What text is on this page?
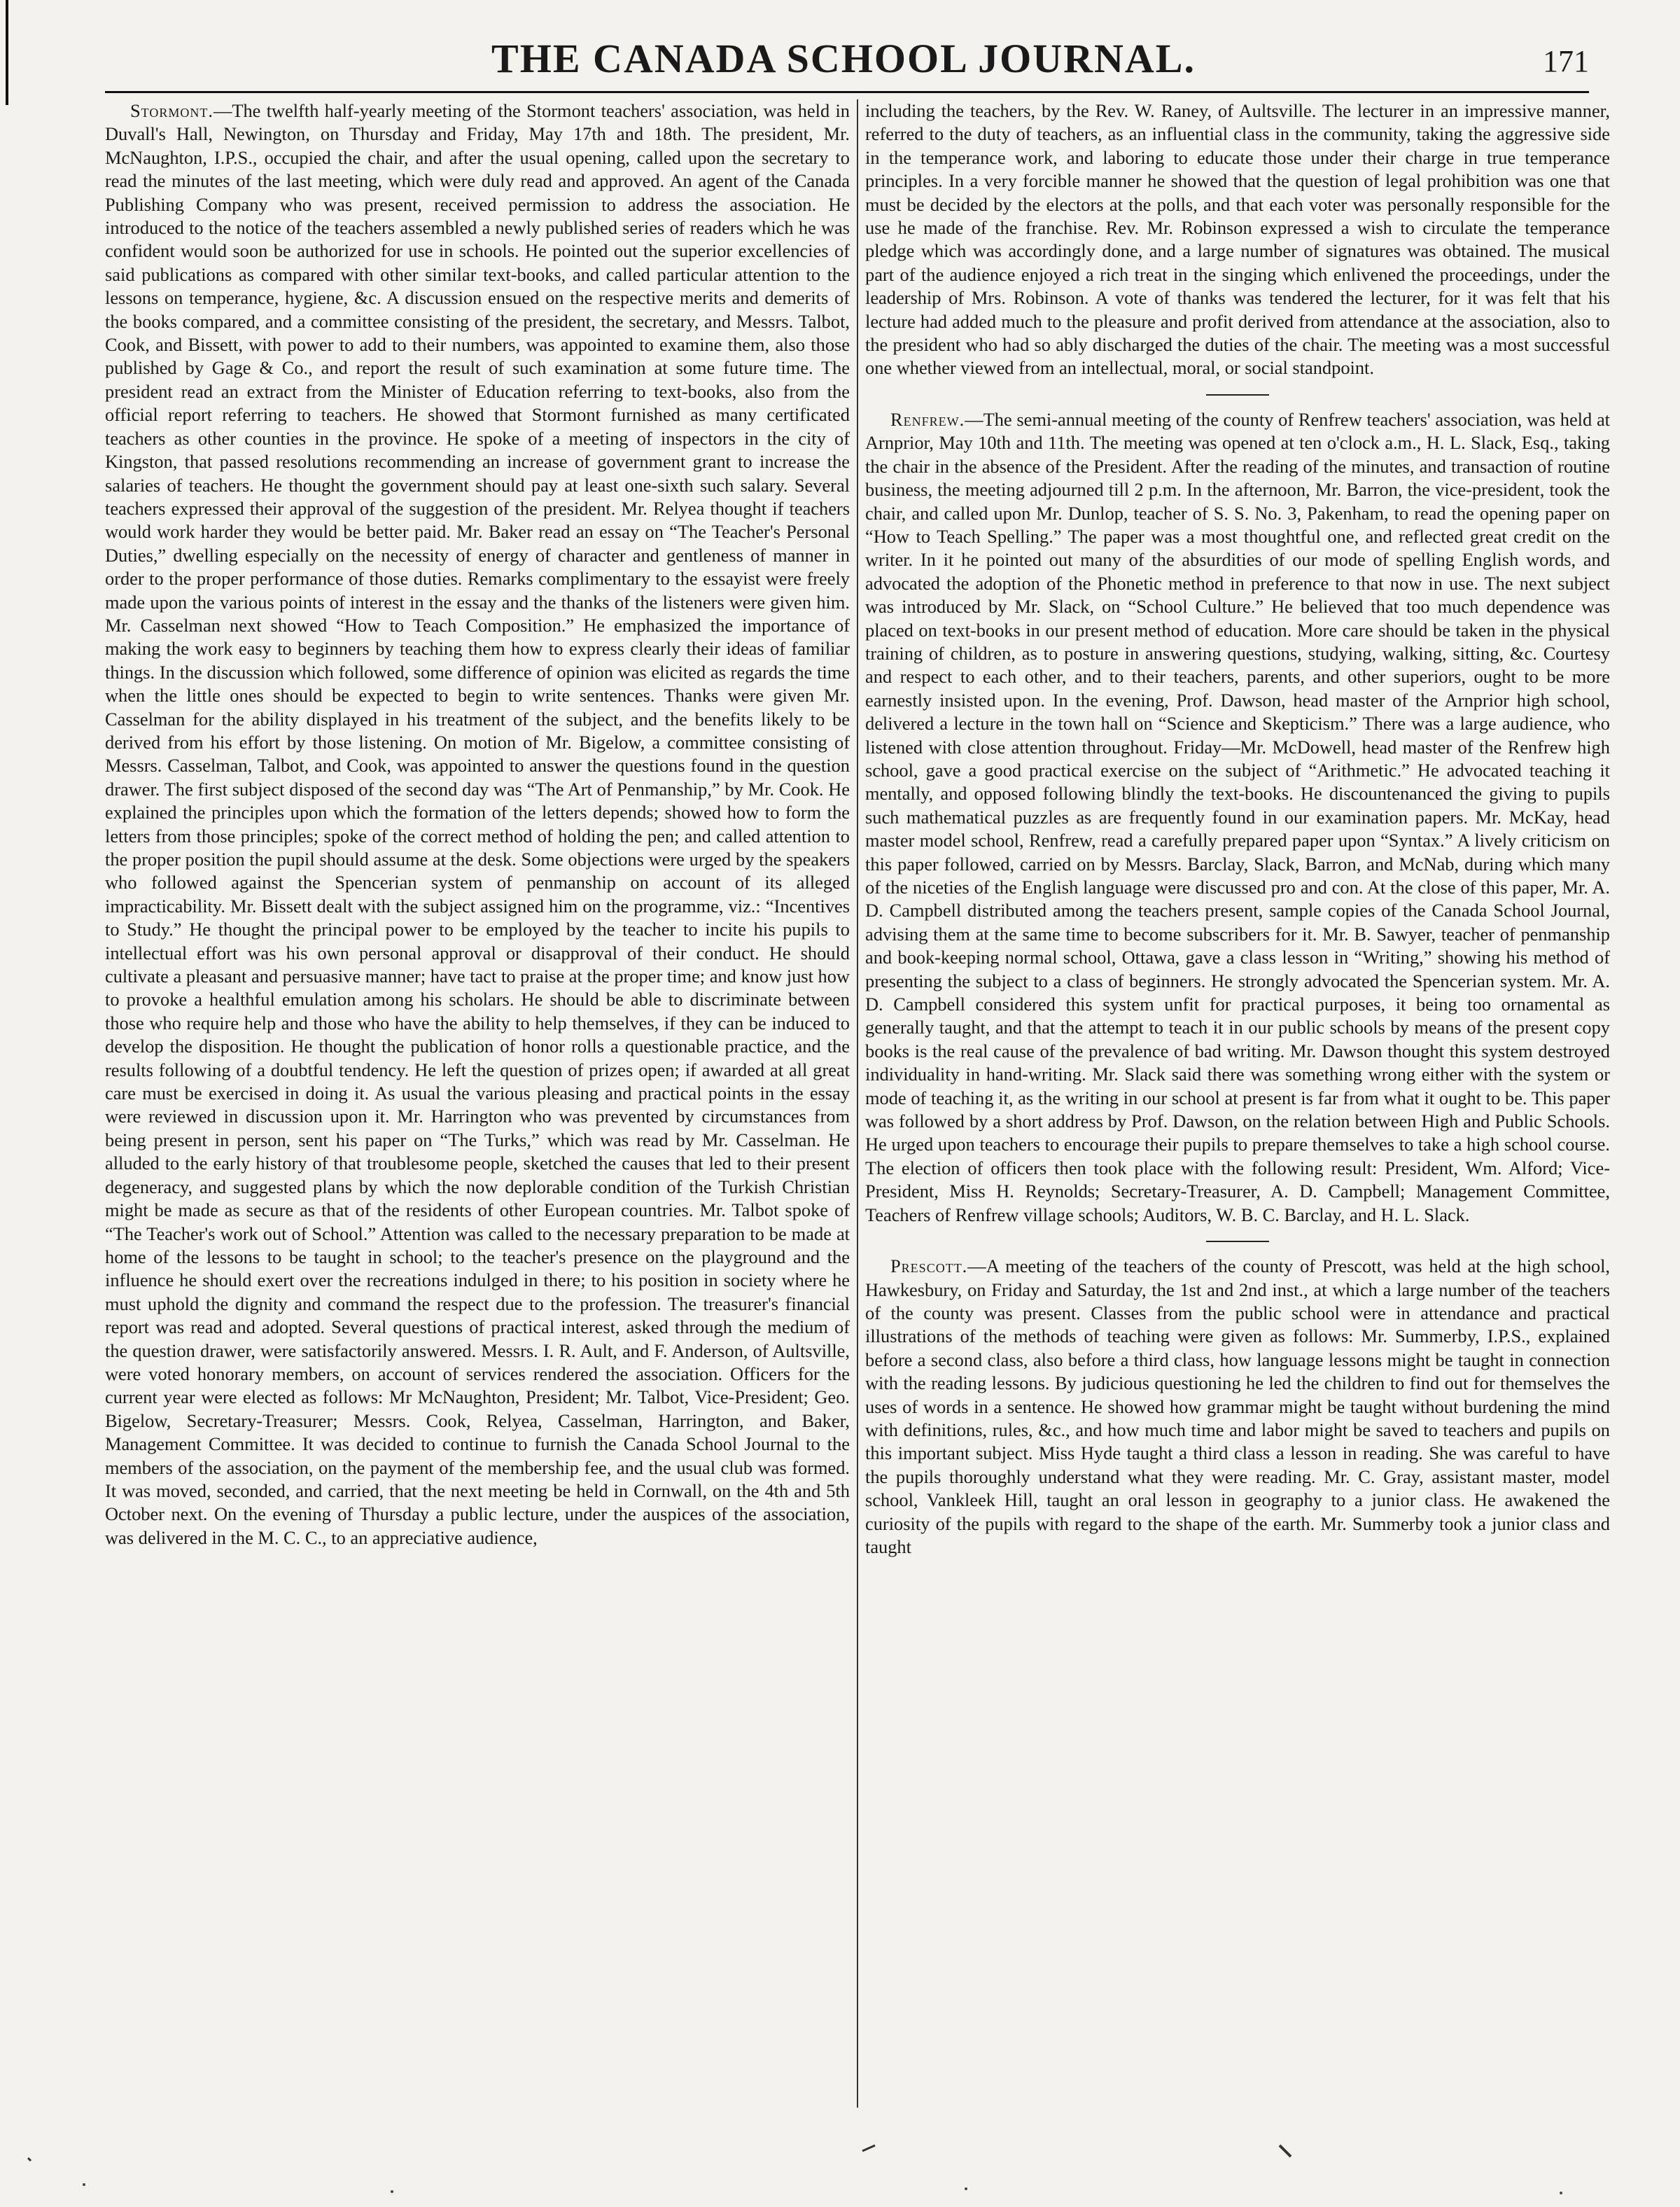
THE CANADA SCHOOL JOURNAL.	171

Stormont.—The twelfth half-yearly meeting of the Stormont teachers' association, was held in Duvall's Hall, Newington, on Thursday and Friday, May 17th and 18th. The president, Mr. McNaughton, I.P.S., occupied the chair, and after the usual opening, called upon the secretary to read the minutes of the last meeting, which were duly read and approved. An agent of the Canada Publishing Company who was present, received permission to address the association. He introduced to the notice of the teachers assembled a newly published series of readers which he was confident would soon be authorized for use in schools. He pointed out the superior excellencies of said publications as compared with other similar text-books, and called particular attention to the lessons on temperance, hygiene, &c. A discussion ensued on the respective merits and demerits of the books compared, and a committee consisting of the president, the secretary, and Messrs. Talbot, Cook, and Bissett, with power to add to their numbers, was appointed to examine them, also those published by Gage & Co., and report the result of such examination at some future time. The president read an extract from the Minister of Education referring to text-books, also from the official report referring to teachers. He showed that Stormont furnished as many certificated teachers as other counties in the province. He spoke of a meeting of inspectors in the city of Kingston, that passed resolutions recommending an increase of government grant to increase the salaries of teachers. He thought the government should pay at least one-sixth such salary. Several teachers expressed their approval of the suggestion of the president. Mr. Relyea thought if teachers would work harder they would be better paid. Mr. Baker read an essay on “The Teacher's Personal Duties,” dwelling especially on the necessity of energy of character and gentleness of manner in order to the proper performance of those duties. Remarks complimentary to the essayist were freely made upon the various points of interest in the essay and the thanks of the listeners were given him. Mr. Casselman next showed “How to Teach Composition.” He emphasized the importance of making the work easy to beginners by teaching them how to express clearly their ideas of familiar things. In the discussion which followed, some difference of opinion was elicited as regards the time when the little ones should be expected to begin to write sentences. Thanks were given Mr. Casselman for the ability displayed in his treatment of the subject, and the benefits likely to be derived from his effort by those listening. On motion of Mr. Bigelow, a committee consisting of Messrs. Casselman, Talbot, and Cook, was appointed to answer the questions found in the question drawer. The first subject disposed of the second day was “The Art of Penmanship,” by Mr. Cook. He explained the principles upon which the formation of the letters depends; showed how to form the letters from those principles; spoke of the correct method of holding the pen; and called attention to the proper position the pupil should assume at the desk. Some objections were urged by the speakers who followed against the Spencerian system of penmanship on account of its alleged impracticability. Mr. Bissett dealt with the subject assigned him on the programme, viz.: “Incentives to Study.” He thought the principal power to be employed by the teacher to incite his pupils to intellectual effort was his own personal approval or disapproval of their conduct. He should cultivate a pleasant and persuasive manner; have tact to praise at the proper time; and know just how to provoke a healthful emulation among his scholars. He should be able to discriminate between those who require help and those who have the ability to help themselves, if they can be induced to develop the disposition. He thought the publication of honor rolls a questionable practice, and the results following of a doubtful tendency. He left the question of prizes open; if awarded at all great care must be exercised in doing it. As usual the various pleasing and practical points in the essay were reviewed in discussion upon it. Mr. Harrington who was prevented by circumstances from being present in person, sent his paper on “The Turks,” which was read by Mr. Casselman. He alluded to the early history of that troublesome people, sketched the causes that led to their present degeneracy, and suggested plans by which the now deplorable condition of the Turkish Christian might be made as secure as that of the residents of other European countries. Mr. Talbot spoke of “The Teacher's work out of School.” Attention was called to the necessary preparation to be made at home of the lessons to be taught in school; to the teacher's presence on the playground and the influence he should exert over the recreations indulged in there; to his position in society where he must uphold the dignity and command the respect due to the profession. The treasurer's financial report was read and adopted. Several questions of practical interest, asked through the medium of the question drawer, were satisfactorily answered. Messrs. I. R. Ault, and F. Anderson, of Aultsville, were voted honorary members, on account of services rendered the association. Officers for the current year were elected as follows: Mr McNaughton, President; Mr. Talbot, Vice-President; Geo. Bigelow, Secretary-Treasurer; Messrs. Cook, Relyea, Casselman, Harrington, and Baker, Management Committee. It was decided to continue to furnish the Canada School Journal to the members of the association, on the payment of the membership fee, and the usual club was formed. It was moved, seconded, and carried, that the next meeting be held in Cornwall, on the 4th and 5th October next. On the evening of Thursday a public lecture, under the auspices of the association, was delivered in the M. C. C., to an appreciative audience,

including the teachers, by the Rev. W. Raney, of Aultsville. The lecturer in an impressive manner, referred to the duty of teachers, as an influential class in the community, taking the aggressive side in the temperance work, and laboring to educate those under their charge in true temperance principles. In a very forcible manner he showed that the question of legal prohibition was one that must be decided by the electors at the polls, and that each voter was personally responsible for the use he made of the franchise. Rev. Mr. Robinson expressed a wish to circulate the temperance pledge which was accordingly done, and a large number of signatures was obtained. The musical part of the audience enjoyed a rich treat in the singing which enlivened the proceedings, under the leadership of Mrs. Robinson. A vote of thanks was tendered the lecturer, for it was felt that his lecture had added much to the pleasure and profit derived from attendance at the association, also to the president who had so ably discharged the duties of the chair. The meeting was a most successful one whether viewed from an intellectual, moral, or social standpoint.

Renfrew.—The semi-annual meeting of the county of Renfrew teachers' association, was held at Arnprior, May 10th and 11th. The meeting was opened at ten o'clock a.m., H. L. Slack, Esq., taking the chair in the absence of the President. After the reading of the minutes, and transaction of routine business, the meeting adjourned till 2 p.m. In the afternoon, Mr. Barron, the vice-president, took the chair, and called upon Mr. Dunlop, teacher of S. S. No. 3, Pakenham, to read the opening paper on “How to Teach Spelling.” The paper was a most thoughtful one, and reflected great credit on the writer. In it he pointed out many of the absurdities of our mode of spelling English words, and advocated the adoption of the Phonetic method in preference to that now in use. The next subject was introduced by Mr. Slack, on “School Culture.” He believed that too much dependence was placed on text-books in our present method of education. More care should be taken in the physical training of children, as to posture in answering questions, studying, walking, sitting, &c. Courtesy and respect to each other, and to their teachers, parents, and other superiors, ought to be more earnestly insisted upon. In the evening, Prof. Dawson, head master of the Arnprior high school, delivered a lecture in the town hall on “Science and Skepticism.” There was a large audience, who listened with close attention throughout. Friday—Mr. McDowell, head master of the Renfrew high school, gave a good practical exercise on the subject of “Arithmetic.” He advocated teaching it mentally, and opposed following blindly the text-books. He discountenanced the giving to pupils such mathematical puzzles as are frequently found in our examination papers. Mr. McKay, head master model school, Renfrew, read a carefully prepared paper upon “Syntax.” A lively criticism on this paper followed, carried on by Messrs. Barclay, Slack, Barron, and McNab, during which many of the niceties of the English language were discussed pro and con. At the close of this paper, Mr. A. D. Campbell distributed among the teachers present, sample copies of the Canada School Journal, advising them at the same time to become subscribers for it. Mr. B. Sawyer, teacher of penmanship and book-keeping normal school, Ottawa, gave a class lesson in “Writing,” showing his method of presenting the subject to a class of beginners. He strongly advocated the Spencerian system. Mr. A. D. Campbell considered this system unfit for practical purposes, it being too ornamental as generally taught, and that the attempt to teach it in our public schools by means of the present copy books is the real cause of the prevalence of bad writing. Mr. Dawson thought this system destroyed individuality in hand-writing. Mr. Slack said there was something wrong either with the system or mode of teaching it, as the writing in our school at present is far from what it ought to be. This paper was followed by a short address by Prof. Dawson, on the relation between High and Public Schools. He urged upon teachers to encourage their pupils to prepare themselves to take a high school course. The election of officers then took place with the following result: President, Wm. Alford; Vice-President, Miss H. Reynolds; Secretary-Treasurer, A. D. Campbell; Management Committee, Teachers of Renfrew village schools; Auditors, W. B. C. Barclay, and H. L. Slack.

Prescott.—A meeting of the teachers of the county of Prescott, was held at the high school, Hawkesbury, on Friday and Saturday, the 1st and 2nd inst., at which a large number of the teachers of the county was present. Classes from the public school were in attendance and practical illustrations of the methods of teaching were given as follows: Mr. Summerby, I.P.S., explained before a second class, also before a third class, how language lessons might be taught in connection with the reading lessons. By judicious questioning he led the children to find out for themselves the uses of words in a sentence. He showed how grammar might be taught without burdening the mind with definitions, rules, &c., and how much time and labor might be saved to teachers and pupils on this important subject. Miss Hyde taught a third class a lesson in reading. She was careful to have the pupils thoroughly understand what they were reading. Mr. C. Gray, assistant master, model school, Vankleek Hill, taught an oral lesson in geography to a junior class. He awakened the curiosity of the pupils with regard to the shape of the earth. Mr. Summerby took a junior class and taught
